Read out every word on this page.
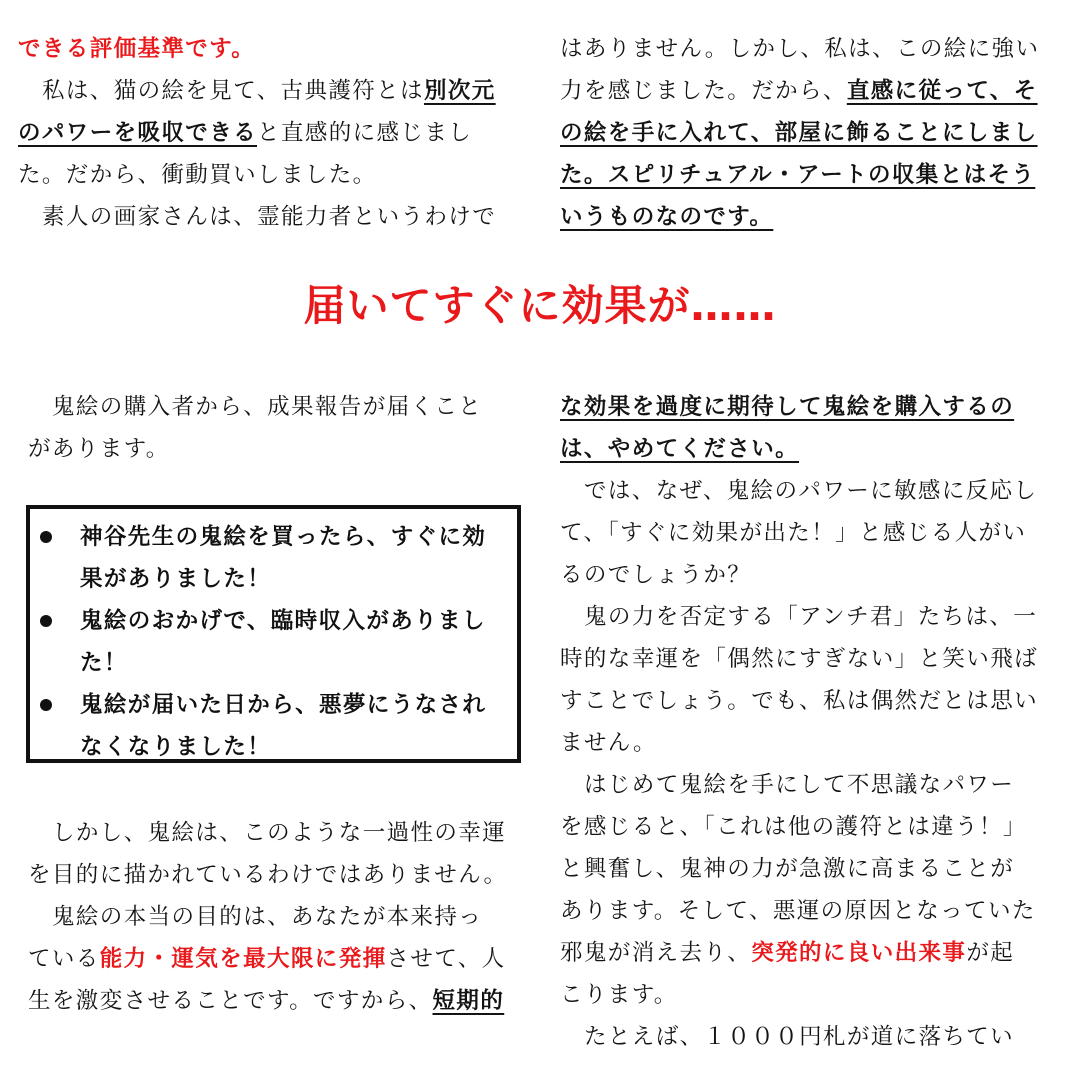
できる評価基準です。
私は、猫の絵を見て、古典護符とは別次元
のパワーを吸収できると直感的に感じまし
た。だから、衝動買いしました。
素人の画家さんは、霊能力者というわけで
はありません。しかし、私は、この絵に強い
力を感じました。だから、直感に従って、そ
の絵を手に入れて、部屋に飾ることにしまし
た。スピリチュアル・アートの収集とはそう
いうものなのです。
届いてすぐに効果が……
鬼絵の購入者から、成果報告が届くこと
があります。
神谷先生の鬼絵を買ったら、すぐに効
果がありました！
鬼絵のおかげで、臨時収入がありまし
た！
鬼絵が届いた日から、悪夢にうなされ
なくなりました！
しかし、鬼絵は、このような一過性の幸運
を目的に描かれているわけではありません。
鬼絵の本当の目的は、あなたが本来持っ
ている能力・運気を最大限に発揮させて、人
生を激変させることです。ですから、短期的
な効果を過度に期待して鬼絵を購入するの
は、やめてください。
では、なぜ、鬼絵のパワーに敏感に反応し
て、「すぐに効果が出た！」と感じる人がい
るのでしょうか？
鬼の力を否定する「アンチ君」たちは、一
時的な幸運を「偶然にすぎない」と笑い飛ば
すことでしょう。でも、私は偶然だとは思い
ません。
はじめて鬼絵を手にして不思議なパワー
を感じると、「これは他の護符とは違う！」
と興奮し、鬼神の力が急激に高まることが
あります。そして、悪運の原因となっていた
邪鬼が消え去り、突発的に良い出来事が起
こります。
たとえば、１０００円札が道に落ちてい
